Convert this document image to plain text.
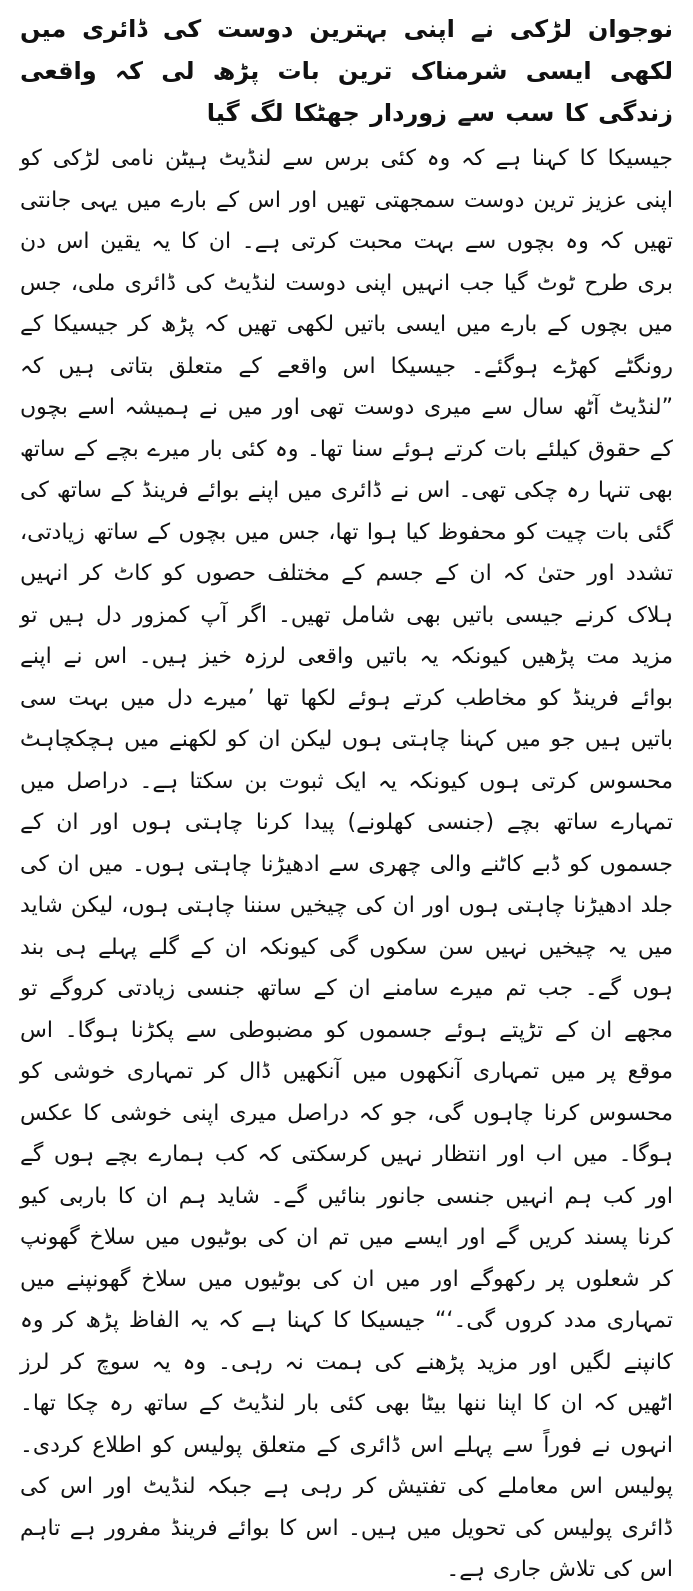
نوجوان لڑکی نے اپنی بہترین دوست کی ڈائری میں لکھی ایسی شرمناک ترین بات پڑھ لی کہ واقعی زندگی کا سب سے زوردار جھٹکا لگ گیا

جیسیکا کا کہنا ہے کہ وہ کئی برس سے لنڈیٹ ہیٹن نامی لڑکی کو اپنی عزیز ترین دوست سمجھتی تھیں اور اس کے بارے میں یہی جانتی تھیں کہ وہ بچوں سے بہت محبت کرتی ہے۔ ان کا یہ یقین اس دن بری طرح ٹوٹ گیا جب انہیں اپنی دوست لنڈیٹ کی ڈائری ملی، جس میں بچوں کے بارے میں ایسی باتیں لکھی تھیں کہ پڑھ کر جیسیکا کے رونگٹے کھڑے ہوگئے۔ جیسیکا اس واقعے کے متعلق بتاتی ہیں کہ ”لنڈیٹ آٹھ سال سے میری دوست تھی اور میں نے ہمیشہ اسے بچوں کے حقوق کیلئے بات کرتے ہوئے سنا تھا۔ وہ کئی بار میرے بچے کے ساتھ بھی تنہا رہ چکی تھی۔ اس نے ڈائری میں اپنے بوائے فرینڈ کے ساتھ کی گئی بات چیت کو محفوظ کیا ہوا تھا، جس میں بچوں کے ساتھ زیادتی، تشدد اور حتیٰ کہ ان کے جسم کے مختلف حصوں کو کاٹ کر انہیں ہلاک کرنے جیسی باتیں بھی شامل تھیں۔ اگر آپ کمزور دل ہیں تو مزید مت پڑھیں کیونکہ یہ باتیں واقعی لرزہ خیز ہیں۔ اس نے اپنے بوائے فرینڈ کو مخاطب کرتے ہوئے لکھا تھا ’میرے دل میں بہت سی باتیں ہیں جو میں کہنا چاہتی ہوں لیکن ان کو لکھنے میں ہچکچاہٹ محسوس کرتی ہوں کیونکہ یہ ایک ثبوت بن سکتا ہے۔ دراصل میں تمہارے ساتھ بچے (جنسی کھلونے) پیدا کرنا چاہتی ہوں اور ان کے جسموں کو ڈبے کاٹنے والی چھری سے ادھیڑنا چاہتی ہوں۔ میں ان کی جلد ادھیڑنا چاہتی ہوں اور ان کی چیخیں سننا چاہتی ہوں، لیکن شاید میں یہ چیخیں نہیں سن سکوں گی کیونکہ ان کے گلے پہلے ہی بند ہوں گے۔ جب تم میرے سامنے ان کے ساتھ جنسی زیادتی کروگے تو مجھے ان کے تڑپتے ہوئے جسموں کو مضبوطی سے پکڑنا ہوگا۔ اس موقع پر میں تمہاری آنکھوں میں آنکھیں ڈال کر تمہاری خوشی کو محسوس کرنا چاہوں گی، جو کہ دراصل میری اپنی خوشی کا عکس ہوگا۔ میں اب اور انتظار نہیں کرسکتی کہ کب ہمارے بچے ہوں گے اور کب ہم انہیں جنسی جانور بنائیں گے۔ شاید ہم ان کا باربی کیو کرنا پسند کریں گے اور ایسے میں تم ان کی بوٹیوں میں سلاخ گھونپ کر شعلوں پر رکھوگے اور میں ان کی بوٹیوں میں سلاخ گھونپنے میں تمہاری مدد کروں گی۔‘“ جیسیکا کا کہنا ہے کہ یہ الفاظ پڑھ کر وہ کانپنے لگیں اور مزید پڑھنے کی ہمت نہ رہی۔ وہ یہ سوچ کر لرز اٹھیں کہ ان کا اپنا ننھا بیٹا بھی کئی بار لنڈیٹ کے ساتھ رہ چکا تھا۔ انہوں نے فوراً سے پہلے اس ڈائری کے متعلق پولیس کو اطلاع کردی۔ پولیس اس معاملے کی تفتیش کر رہی ہے جبکہ لنڈیٹ اور اس کی ڈائری پولیس کی تحویل میں ہیں۔ اس کا بوائے فرینڈ مفرور ہے تاہم اس کی تلاش جاری ہے۔
